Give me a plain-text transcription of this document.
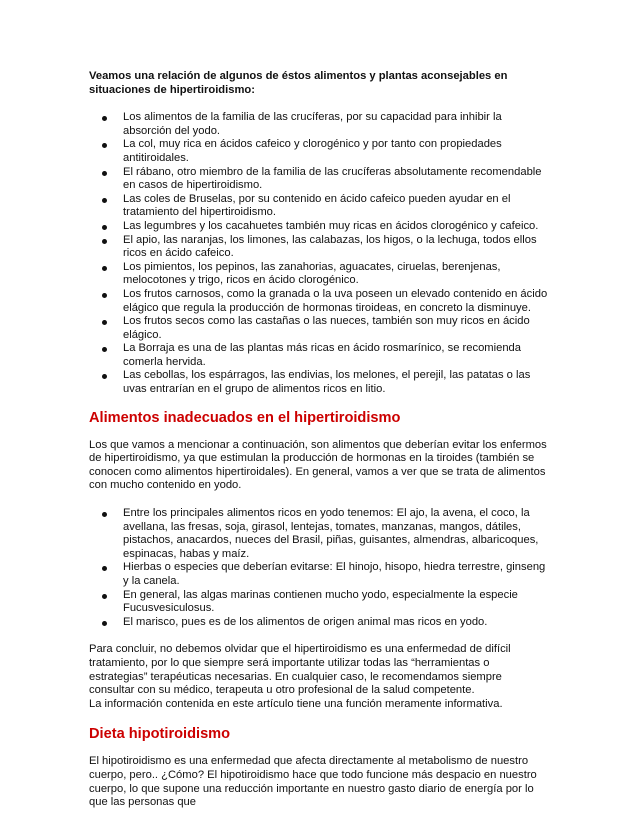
Veamos una relación de algunos de éstos alimentos y plantas aconsejables en situaciones de hipertiroidismo:

Los alimentos de la familia de las crucíferas, por su capacidad para inhibir la absorción del yodo.
La col, muy rica en ácidos cafeico y clorogénico y por tanto con propiedades antitiroidales.
El rábano, otro miembro de la familia de las crucíferas absolutamente recomendable en casos de hipertiroidismo.
Las coles de Bruselas, por su contenido en ácido cafeico pueden ayudar en el tratamiento del hipertiroidismo.
Las legumbres y los cacahuetes también muy ricas en ácidos clorogénico y cafeico.
El apio, las naranjas, los limones, las calabazas, los higos, o la lechuga, todos ellos ricos en ácido cafeico.
Los pimientos, los pepinos, las zanahorias, aguacates, ciruelas, berenjenas, melocotones y trigo, ricos en ácido clorogénico.
Los frutos carnosos, como la granada o la uva poseen un elevado contenido en ácido elágico que regula la producción de hormonas tiroideas, en concreto la disminuye.
Los frutos secos como las castañas o las nueces, también son muy ricos en ácido elágico.
La Borraja es una de las plantas más ricas en ácido rosmarínico, se recomienda comerla hervida.
Las cebollas, los espárragos, las endivias, los melones, el perejil, las patatas o las uvas entrarían en el grupo de alimentos ricos en litio.
Alimentos inadecuados en el hipertiroidismo

Los que vamos a mencionar a continuación, son alimentos que deberían evitar los enfermos de hipertiroidismo, ya que estimulan la producción de hormonas en la tiroides (también se conocen como alimentos hipertiroidales). En general, vamos a ver que se trata de alimentos con mucho contenido en yodo.

Entre los principales alimentos ricos en yodo tenemos: El ajo, la avena, el coco, la avellana, las fresas, soja, girasol, lentejas, tomates, manzanas, mangos, dátiles, pistachos, anacardos, nueces del Brasil, piñas, guisantes, almendras, albaricoques, espinacas, habas y maíz.
Hierbas o especies que deberían evitarse: El hinojo, hisopo, hiedra terrestre, ginseng y la canela.
En general, las algas marinas contienen mucho yodo, especialmente la especie Fucusvesiculosus.
El marisco, pues es de los alimentos de origen animal mas ricos en yodo.

Para concluir, no debemos olvidar que el hipertiroidismo es una enfermedad de difícil tratamiento, por lo que siempre será importante utilizar todas las “herramientas o estrategias” terapéuticas necesarias. En cualquier caso, le recomendamos siempre consultar con su médico, terapeuta u otro profesional de la salud competente.

La información contenida en este artículo tiene una función meramente informativa.

Dieta hipotiroidismo

El hipotiroidismo es una enfermedad que afecta directamente al metabolismo de nuestro cuerpo, pero.. ¿Cómo? El hipotiroidismo hace que todo funcione más despacio en nuestro cuerpo, lo que supone una reducción importante en nuestro gasto diario de energía por lo que las personas que
